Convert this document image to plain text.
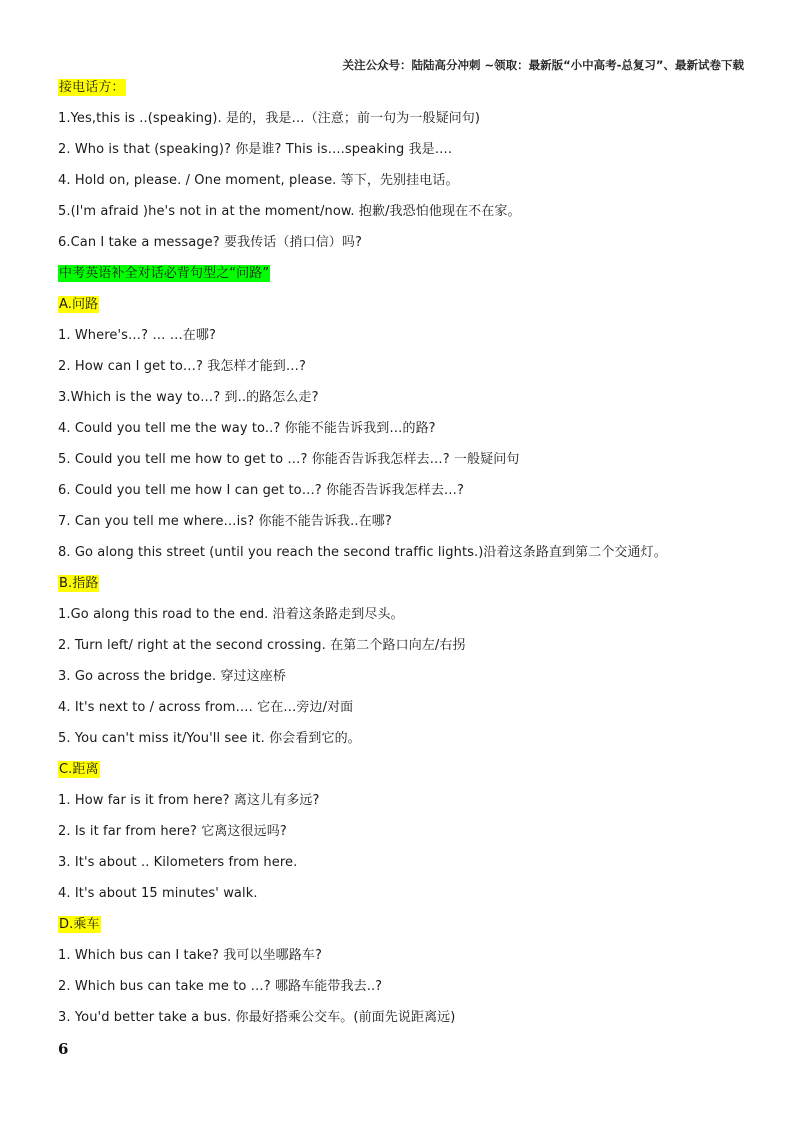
关注公众号：陆陆高分冲刺 ~领取：最新版“小中高考-总复习”、最新试卷下载
接电话方：
1.Yes,this is ..(speaking). 是的，我是…（注意；前一句为一般疑问句)
2. Who is that (speaking)? 你是谁? This is….speaking 我是….
4. Hold on, please. / One moment, please. 等下，先别挂电话。
5.(I'm afraid )he's not in at the moment/now. 抱歉/我恐怕他现在不在家。
6.Can I take a message? 要我传话（捎口信）吗?
中考英语补全对话必背句型之“问路”
A.问路
1. Where's…? … …在哪?
2. How can I get to…? 我怎样才能到…?
3.Which is the way to…? 到..的路怎么走?
4. Could you tell me the way to..? 你能不能告诉我到…的路?
5. Could you tell me how to get to …? 你能否告诉我怎样去…? 一般疑问句
6. Could you tell me how I can get to…? 你能否告诉我怎样去…?
7. Can you tell me where…is? 你能不能告诉我..在哪?
8. Go along this street (until you reach the second traffic lights.)沿着这条路直到第二个交通灯。
B.指路
1.Go along this road to the end. 沿着这条路走到尽头。
2. Turn left/ right at the second crossing. 在第二个路口向左/右拐
3. Go across the bridge. 穿过这座桥
4. It's next to / across from…. 它在…旁边/对面
5. You can't miss it/You'll see it. 你会看到它的。
C.距离
1. How far is it from here? 离这儿有多远?
2. Is it far from here? 它离这很远吗?
3. It's about .. Kilometers from here.
4. It's about 15 minutes' walk.
D.乘车
1. Which bus can I take? 我可以坐哪路车?
2. Which bus can take me to …? 哪路车能带我去..?
3. You'd better take a bus. 你最好搭乘公交车。(前面先说距离远)
6
